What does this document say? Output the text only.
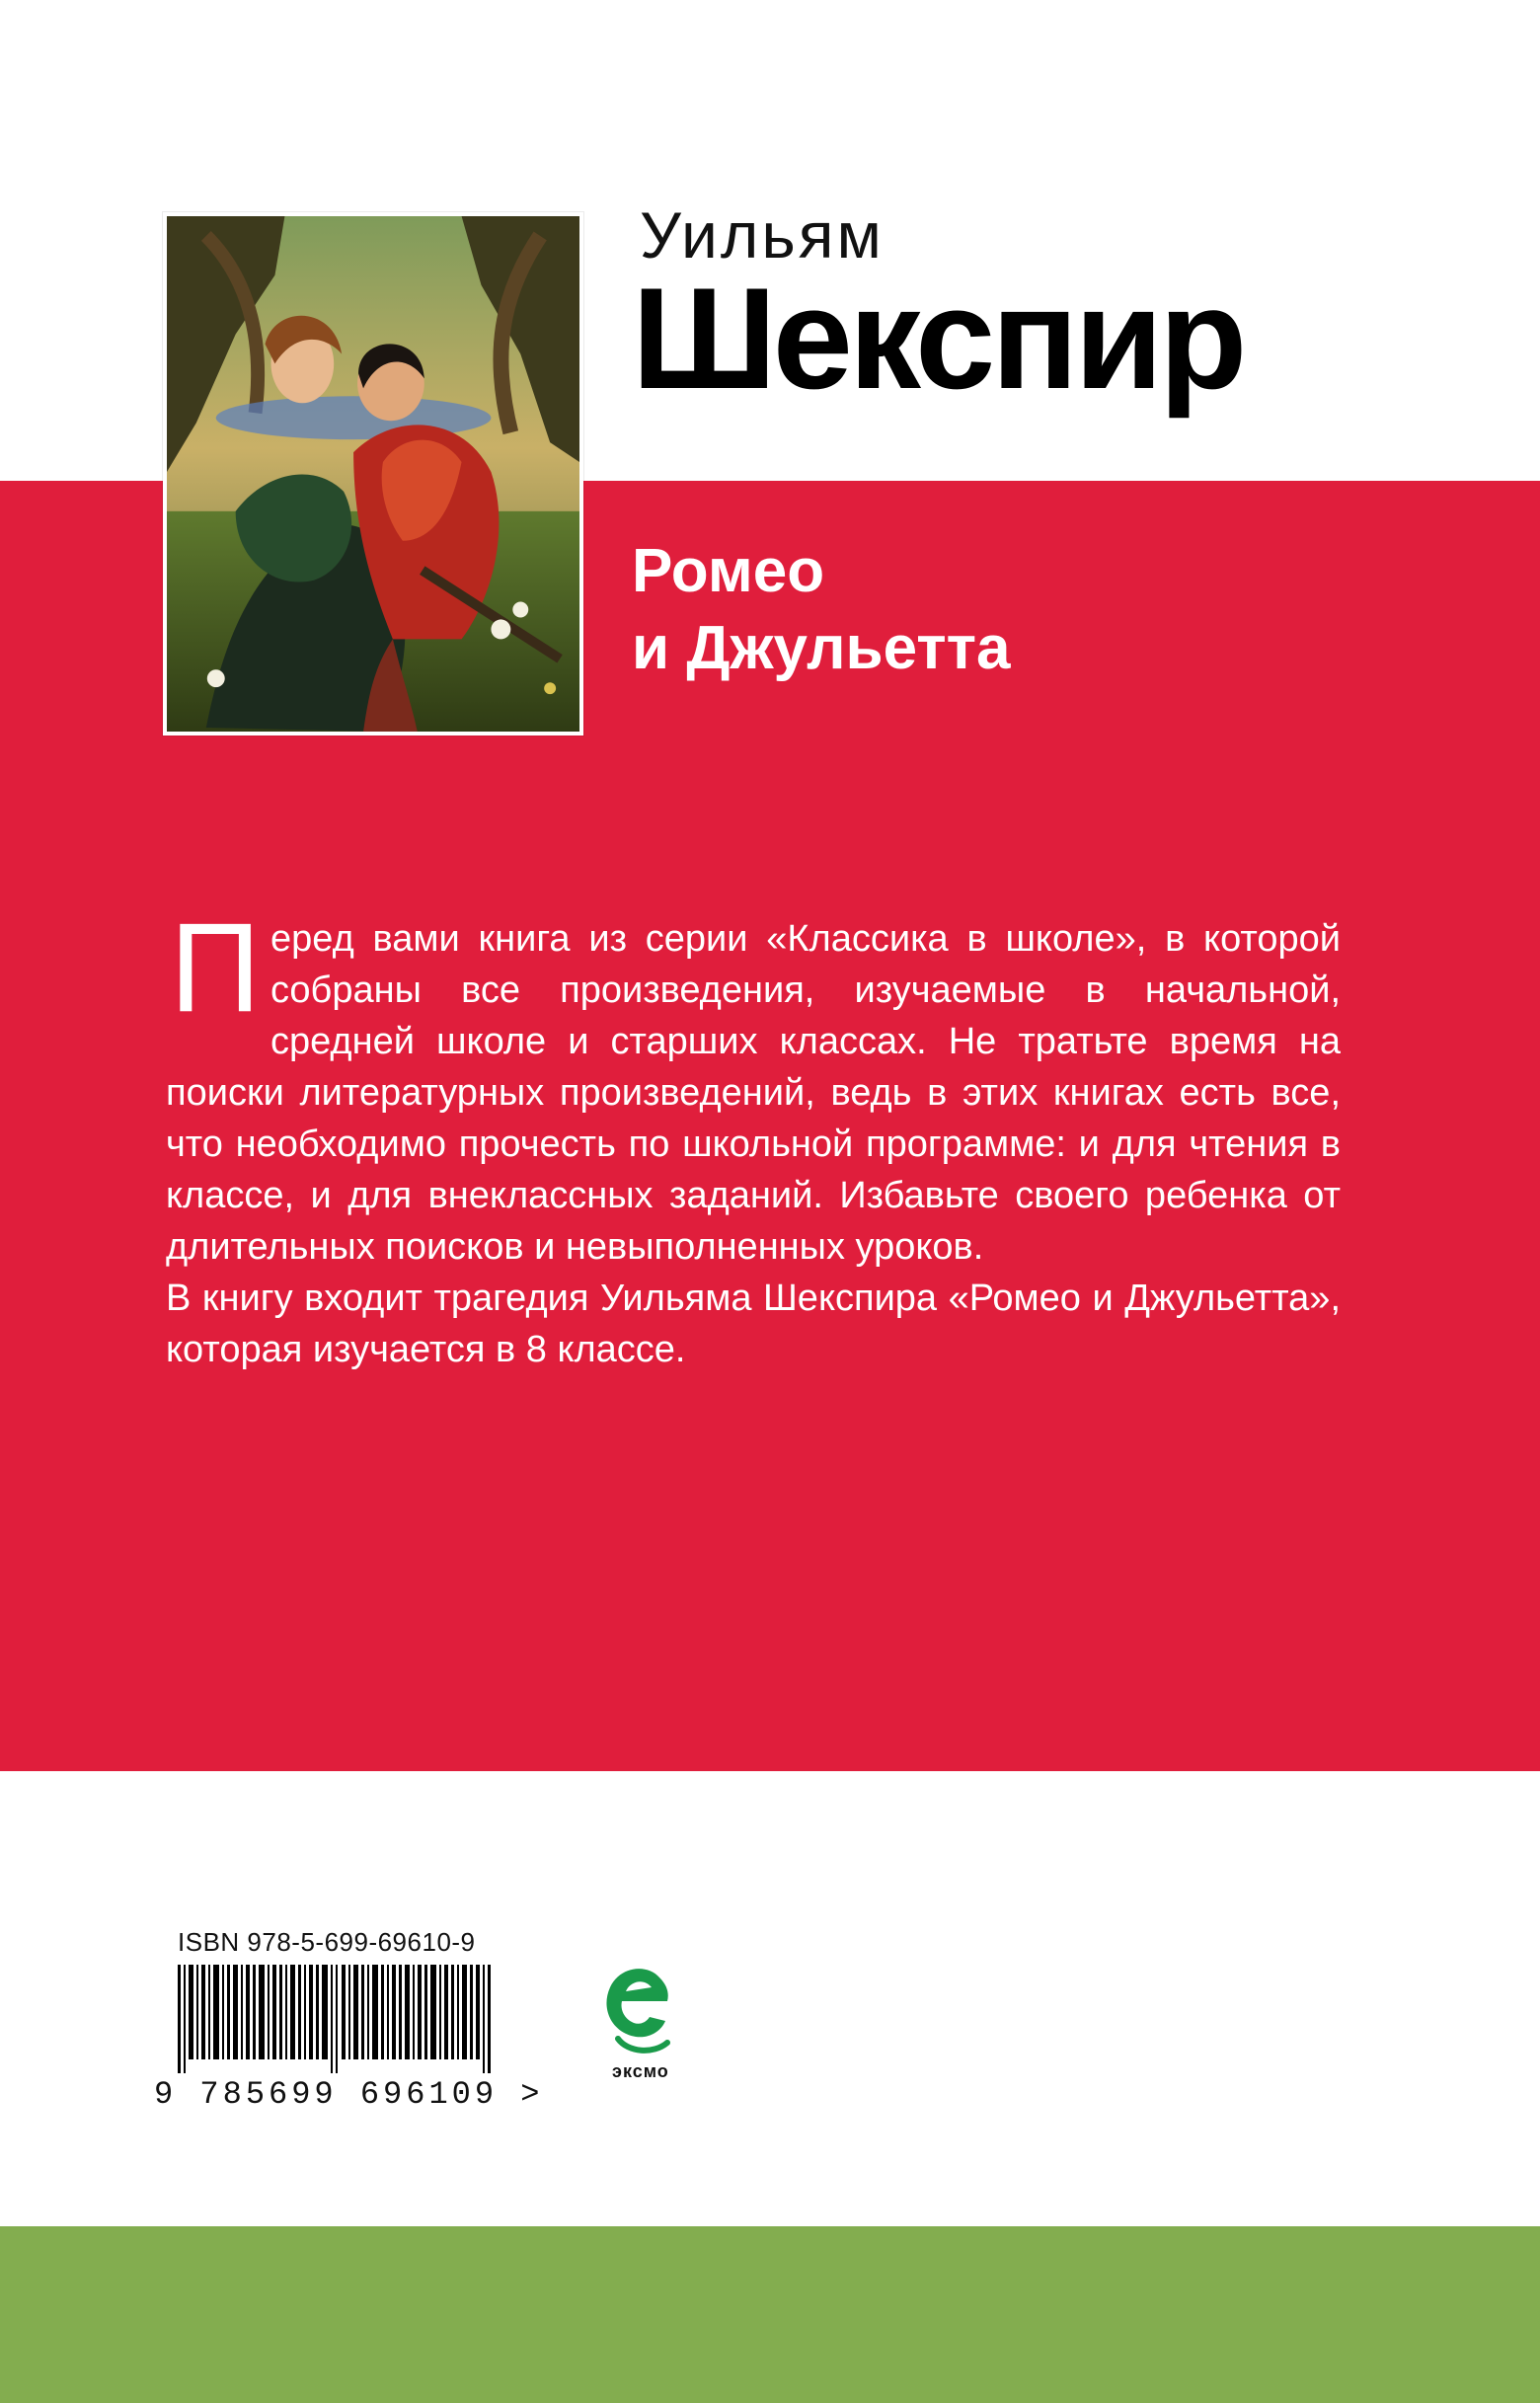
Уильям
Шекспир
Ромео
и Джульетта
П еред вами книга из серии «Классика в школе», в которой собраны все произведения, изучаемые в начальной, средней школе и старших классах. Не тратьте время на поиски литературных произведений, ведь в этих книгах есть все, что необходимо прочесть по школьной программе: и для чтения в классе, и для внеклассных заданий. Избавьте своего ребенка от длительных поисков и невыполненных уроков.

В книгу входит трагедия Уильяма Шекспира «Ромео и Джульетта», которая изучается в 8 классе.

ISBN 978-5-699-69610-9
9 785699 696109 >
эксмо
